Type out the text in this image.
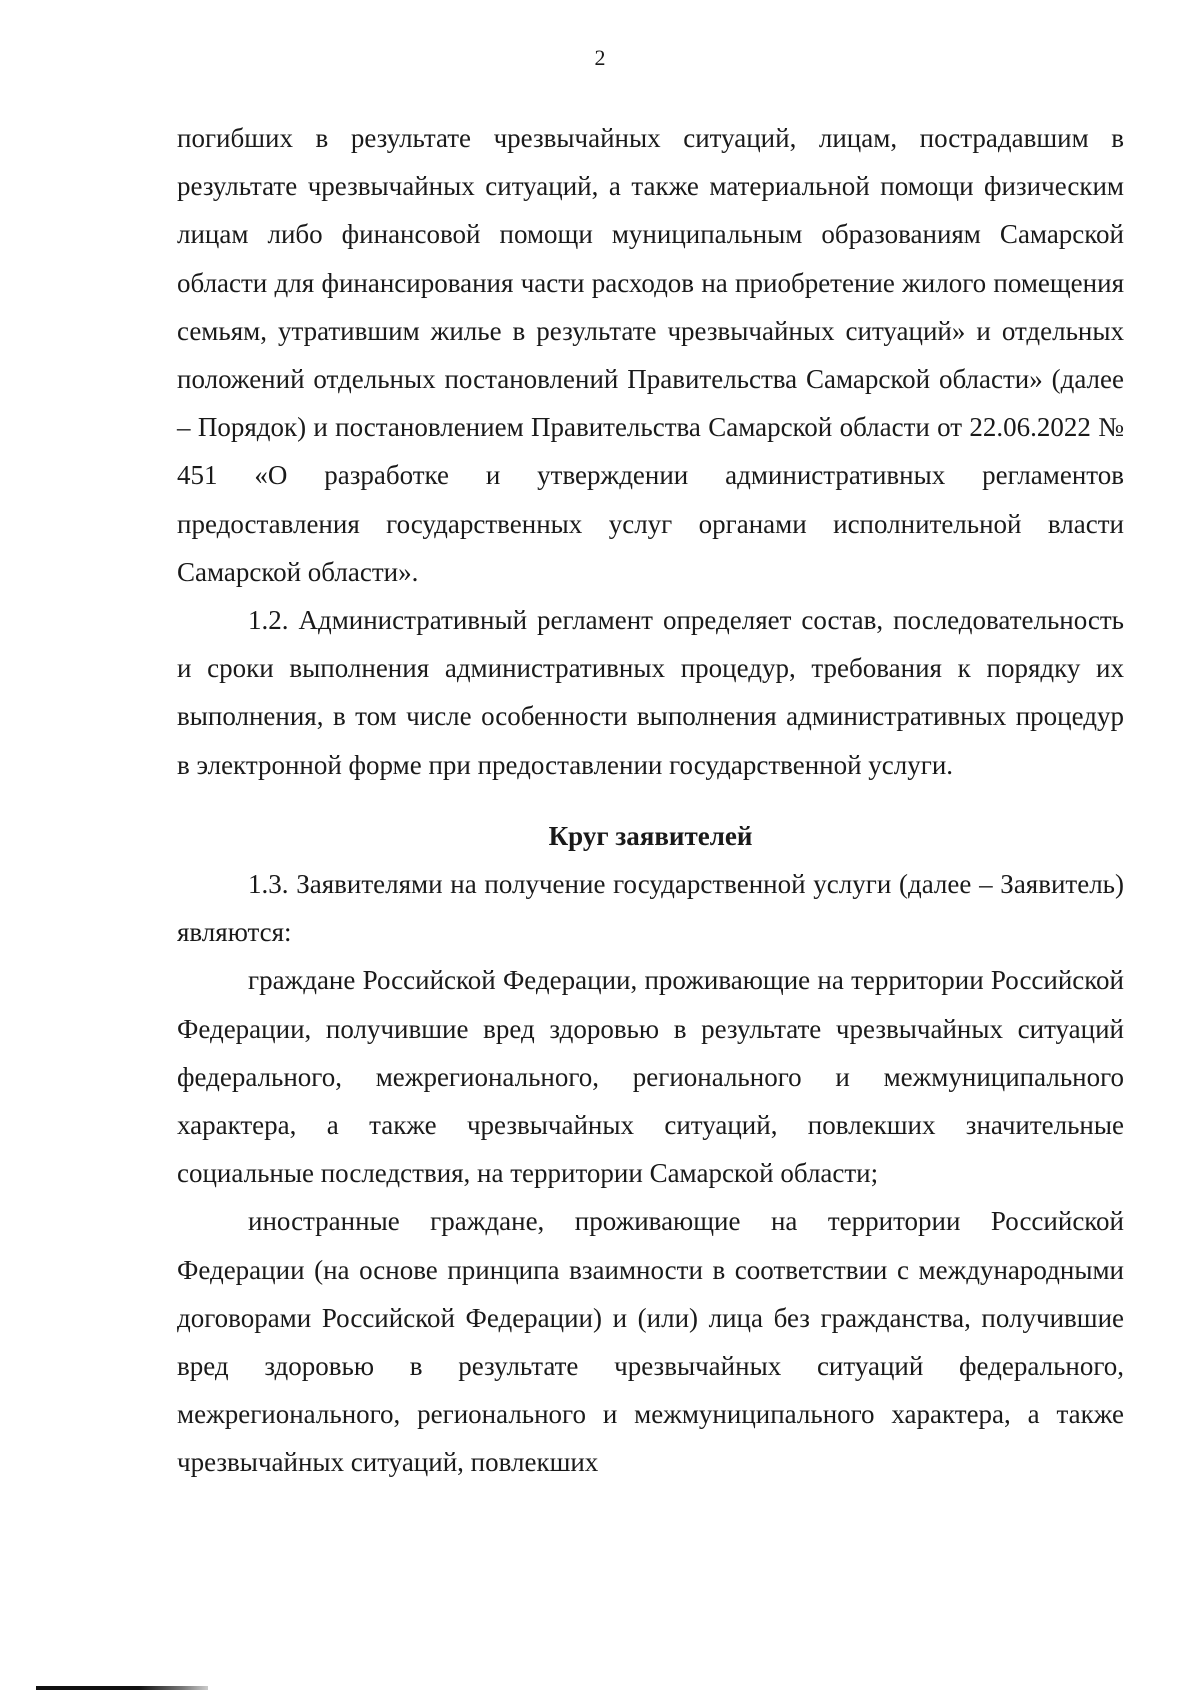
2

погибших в результате чрезвычайных ситуаций, лицам, пострадавшим в результате чрезвычайных ситуаций, а также материальной помощи физическим лицам либо финансовой помощи муниципальным образованиям Самарской области для финансирования части расходов на приобретение жилого помещения семьям, утратившим жилье в результате чрезвычайных ситуаций» и отдельных положений отдельных постановлений Правительства Самарской области» (далее – Порядок) и постановлением Правительства Самарской области от 22.06.2022 № 451 «О разработке и утверждении административных регламентов предоставления государственных услуг органами исполнительной власти Самарской области».

1.2. Административный регламент определяет состав, последовательность и сроки выполнения административных процедур, требования к порядку их выполнения, в том числе особенности выполнения административных процедур в электронной форме при предоставлении государственной услуги.

Круг заявителей

1.3. Заявителями на получение государственной услуги (далее – Заявитель) являются:

граждане Российской Федерации, проживающие на территории Российской Федерации, получившие вред здоровью в результате чрезвычайных ситуаций федерального, межрегионального, регионального и межмуниципального характера, а также чрезвычайных ситуаций, повлекших значительные социальные последствия, на территории Самарской области;

иностранные граждане, проживающие на территории Российской Федерации (на основе принципа взаимности в соответствии с международными договорами Российской Федерации) и (или) лица без гражданства, получившие вред здоровью в результате чрезвычайных ситуаций федерального, межрегионального, регионального и межмуниципального характера, а также чрезвычайных ситуаций, повлекших
